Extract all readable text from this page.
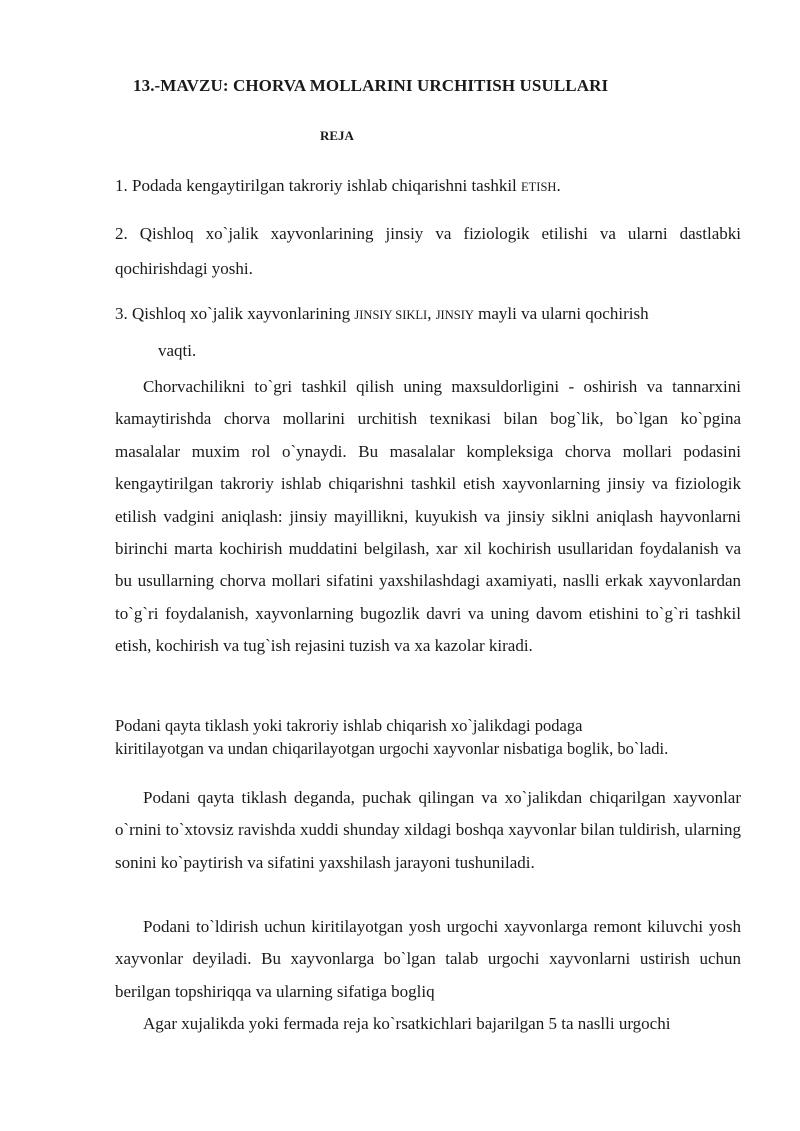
13.-MAVZU: CHORVA MOLLARINI URCHITISH USULLARI
REJA
1. Podada kengaytirilgan takroriy ishlab chiqarishni tashkil ETISH.
2. Qishloq xo`jalik xayvonlarining jinsiy va fiziologik etilishi va ularni dastlabki qochirishdagi yoshi.
3. Qishloq xo`jalik xayvonlarining JINSIY SIKLI, JINSIY mayli va ularni qochirish
vaqti.

Chorvachilikni to`gri tashkil qilish uning maxsuldorligini - oshirish va tannarxini kamaytirishda chorva mollarini urchitish texnikasi bilan bog`lik, bo`lgan ko`pgina masalalar muxim rol o`ynaydi. Bu masalalar kompleksiga chorva mollari podasini kengaytirilgan takroriy ishlab chiqarishni tashkil etish xayvonlarning jinsiy va fiziologik etilish vadgini aniqlash: jinsiy mayillikni, kuyukish va jinsiy siklni aniqlash hayvonlarni birinchi marta kochirish muddatini belgilash, xar xil kochirish usullaridan foydalanish va bu usullarning chorva mollari sifatini yaxshilashdagi axamiyati, naslli erkak xayvonlardan to`g`ri foydalanish, xayvonlarning bugozlik davri va uning davom etishini to`g`ri tashkil etish, kochirish va tug`ish rejasini tuzish va xa kazolar kiradi.

Podani qayta tiklash yoki takroriy ishlab chiqarish xo`jalikdagi podaga kiritilayotgan va undan chiqarilayotgan urgochi xayvonlar nisbatiga boglik, bo`ladi.

Podani qayta tiklash deganda, puchak qilingan va xo`jalikdan chiqarilgan xayvonlar o`rnini to`xtovsiz ravishda xuddi shunday xildagi boshqa xayvonlar bilan tuldirish, ularning sonini ko`paytirish va sifatini yaxshilash jarayoni tushuniladi.

Podani to`ldirish uchun kiritilayotgan yosh urgochi xayvonlarga remont kiluvchi yosh xayvonlar deyiladi. Bu xayvonlarga bo`lgan talab urgochi xayvonlarni ustirish uchun berilgan topshiriqqa va ularning sifatiga bogliq

Agar xujalikda yoki fermada reja ko`rsatkichlari bajarilgan 5 ta naslli urgochi
